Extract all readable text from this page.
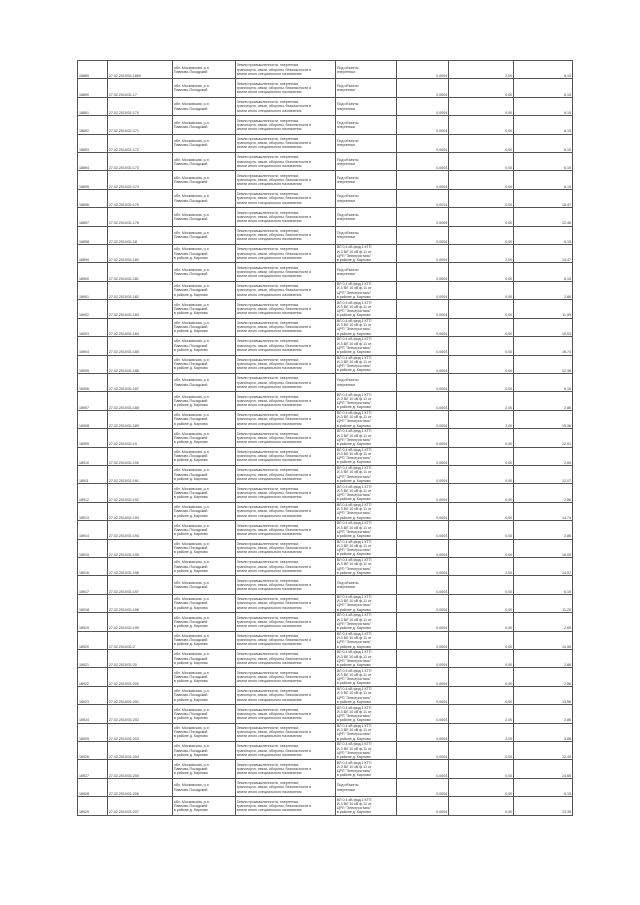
18889	27.02.2010/31:1869	обл. Московская, р-н
Павлово-Посадский	Земли промышленности, энергетики,
транспорта, связи, обороны, безопасности и
земли иного специального назначения	Под объекты
энергетики	0,0004	2,00	6,15
18890	27.02.2010/31:17	обл. Московская, р-н
Павлово-Посадский	Земли промышленности, энергетики,
транспорта, связи, обороны, безопасности и
земли иного специального назначения	Под объекты
энергетики	0,0004	0,00	6,15
18891	27.02.2010/31:170	обл. Московская, р-н
Павлово-Посадский	Земли промышленности, энергетики,
транспорта, связи, обороны, безопасности и
земли иного специального назначения	Под объекты
энергетики	0,0004	0,00	6,15
18892	27.02.2010/31:171	обл. Московская, р-н
Павлово-Посадский	Земли промышленности, энергетики,
транспорта, связи, обороны, безопасности и
земли иного специального назначения	Под объекты
энергетики	0,0004	0,00	6,15
18893	27.02.2010/31:172	обл. Московская, р-н
Павлово-Посадский	Земли промышленности, энергетики,
транспорта, связи, обороны, безопасности и
земли иного специального назначения	Под объекты
энергетики	0,0004	0,00	6,15
18894	27.02.2010/31:173	обл. Московская, р-н
Павлово-Посадский	Земли промышленности, энергетики,
транспорта, связи, обороны, безопасности и
земли иного специального назначения	Под объекты
энергетики	0,0004	0,00	6,15
18895	27.02.2010/31:174	обл. Московская, р-н
Павлово-Посадский	Земли промышленности, энергетики,
транспорта, связи, обороны, безопасности и
земли иного специального назначения	Под объекты
энергетики	0,0004	0,00	6,15
18896	27.02.2010/31:175	обл. Московская, р-н
Павлово-Посадский	Земли промышленности, энергетики,
транспорта, связи, обороны, безопасности и
земли иного специального назначения	Под объекты
энергетики	0,0014	0,00	18,47
18897	27.02.2010/31:176	обл. Московская, р-н
Павлово-Посадский	Земли промышленности, энергетики,
транспорта, связи, обороны, безопасности и
земли иного специального назначения	Под объекты
энергетики	0,0009	0,00	12,46
18898	27.02.2010/31:18	обл. Московская, р-н
Павлово-Посадский	Земли промышленности, энергетики,
транспорта, связи, обороны, безопасности и
земли иного специального назначения	Под объекты
энергетики	0,0004	0,00	6,15
18899	27.02.2010/31:180	обл. Московская, р-н
Павлово-Посадский
в районе д. Карпово	Земли промышленности, энергетики,
транспорта, связи, обороны, безопасности и
земли иного специального назначения	ВЛ 0,4 кВ фид.1 КТП
И-3 ВЛ 10 кВ ф.11 от
ЦРП "Электросталь"
в районе д. Карпово	0,0004	2,00	14,47
18900	27.02.2010/31:181	обл. Московская, р-н
Павлово-Посадский	Земли промышленности, энергетики,
транспорта, связи, обороны, безопасности и
земли иного специального назначения	Под объекты
энергетики	0,0004	0,00	6,15
18901	27.02.2010/31:182	обл. Московская, р-н
Павлово-Посадский
в районе д. Карпово	Земли промышленности, энергетики,
транспорта, связи, обороны, безопасности и
земли иного специального назначения	ВЛ 0,4 кВ фид.1 КТП
И-3 ВЛ 10 кВ ф.11 от
ЦРП "Электросталь"
в районе д. Карпово	0,0004	0,00	2,86
18902	27.02.2010/31:183	обл. Московская, р-н
Павлово-Посадский
в районе д. Карпово	Земли промышленности, энергетики,
транспорта, связи, обороны, безопасности и
земли иного специального назначения	ВЛ 0,4 кВ фид.1 КТП
И-3 ВЛ 10 кВ ф.11 от
ЦРП "Электросталь"
в районе д. Карпово	0,0004	0,00	11,59
18903	27.02.2010/31:184	обл. Московская, р-н
Павлово-Посадский
в районе д. Карпово	Земли промышленности, энергетики,
транспорта, связи, обороны, безопасности и
земли иного специального назначения	ВЛ 0,4 кВ фид.1 КТП
И-3 ВЛ 10 кВ ф.11 от
ЦРП "Электросталь"
в районе д. Карпово	0,0004	0,00	10,03
18904	27.02.2010/31:185	обл. Московская, р-н
Павлово-Посадский
в районе д. Карпово	Земли промышленности, энергетики,
транспорта, связи, обороны, безопасности и
земли иного специального назначения	ВЛ 0,4 кВ фид.1 КТП
И-3 ВЛ 10 кВ ф.11 от
ЦРП "Электросталь"
в районе д. Карпово	0,0004	0,00	16,74
18905	27.02.2010/31:186	обл. Московская, р-н
Павлово-Посадский
в районе д. Карпово	Земли промышленности, энергетики,
транспорта, связи, обороны, безопасности и
земли иного специального назначения	ВЛ 0,4 кВ фид.1 КТП
И-3 ВЛ 10 кВ ф.11 от
ЦРП "Электросталь"
в районе д. Карпово	0,0004	0,00	12,36
18906	27.02.2010/31:187	обл. Московская, р-н
Павлово-Посадский	Земли промышленности, энергетики,
транспорта, связи, обороны, безопасности и
земли иного специального назначения	Под объекты
энергетики	0,0004	0,00	6,15
18907	27.02.2010/31:188	обл. Московская, р-н
Павлово-Посадский
в районе д. Карпово	Земли промышленности, энергетики,
транспорта, связи, обороны, безопасности и
земли иного специального назначения	ВЛ 0,4 кВ фид.1 КТП
И-3 ВЛ 10 кВ ф.11 от
ЦРП "Электросталь"
в районе д. Карпово	0,0004	2,00	2,86
18908	27.02.2010/31:189	обл. Московская, р-н
Павлово-Посадский
в районе д. Карпово	Земли промышленности, энергетики,
транспорта, связи, обороны, безопасности и
земли иного специального назначения	ВЛ 0,4 кВ фид.1 КТП
И-3 ВЛ 10 кВ ф.11 от
ЦРП "Электросталь"
в районе д. Карпово	0,0004	2,00	15,36
18909	27.02.2010/31:19	обл. Московская, р-н
Павлово-Посадский
в районе д. Карпово	Земли промышленности, энергетики,
транспорта, связи, обороны, безопасности и
земли иного специального назначения	ВЛ 0,4 кВ фид.1 КТП
И-3 ВЛ 10 кВ ф.11 от
ЦРП "Электросталь"
в районе д. Карпово	0,0004	0,00	12,01
18910	27.02.2010/31:190	обл. Московская, р-н
Павлово-Посадский
в районе д. Карпово	Земли промышленности, энергетики,
транспорта, связи, обороны, безопасности и
земли иного специального назначения	ВЛ 0,4 кВ фид.1 КТП
И-3 ВЛ 10 кВ ф.11 от
ЦРП "Электросталь"
в районе д. Карпово	0,0004	0,00	2,69
18911	27.02.2010/31:191	обл. Московская, р-н
Павлово-Посадский
в районе д. Карпово	Земли промышленности, энергетики,
транспорта, связи, обороны, безопасности и
земли иного специального назначения	ВЛ 0,4 кВ фид.1 КТП
И-3 ВЛ 10 кВ ф.11 от
ЦРП "Электросталь"
в районе д. Карпово	0,0004	0,00	12,07
18912	27.02.2010/31:192	обл. Московская, р-н
Павлово-Посадский
в районе д. Карпово	Земли промышленности, энергетики,
транспорта, связи, обороны, безопасности и
земли иного специального назначения	ВЛ 0,4 кВ фид.1 КТП
И-3 ВЛ 10 кВ ф.11 от
ЦРП "Электросталь"
в районе д. Карпово	0,0004	0,00	2,86
18913	27.02.2010/31:193	обл. Московская, р-н
Павлово-Посадский
в районе д. Карпово	Земли промышленности, энергетики,
транспорта, связи, обороны, безопасности и
земли иного специального назначения	ВЛ 0,4 кВ фид.1 КТП
И-3 ВЛ 10 кВ ф.11 от
ЦРП "Электросталь"
в районе д. Карпово	0,0004	0,00	14,74
18914	27.02.2010/31:194	обл. Московская, р-н
Павлово-Посадский
в районе д. Карпово	Земли промышленности, энергетики,
транспорта, связи, обороны, безопасности и
земли иного специального назначения	ВЛ 0,4 кВ фид.1 КТП
И-3 ВЛ 10 кВ ф.11 от
ЦРП "Электросталь"
в районе д. Карпово	0,0004	0,00	2,86
18915	27.02.2010/31:195	обл. Московская, р-н
Павлово-Посадский
в районе д. Карпово	Земли промышленности, энергетики,
транспорта, связи, обороны, безопасности и
земли иного специального назначения	ВЛ 0,4 кВ фид.1 КТП
И-3 ВЛ 10 кВ ф.11 от
ЦРП "Электросталь"
в районе д. Карпово	0,0004	0,00	16,00
18916	27.02.2010/31:196	обл. Московская, р-н
Павлово-Посадский
в районе д. Карпово	Земли промышленности, энергетики,
транспорта, связи, обороны, безопасности и
земли иного специального назначения	ВЛ 0,4 кВ фид.1 КТП
И-3 ВЛ 10 кВ ф.11 от
ЦРП "Электросталь"
в районе д. Карпово	0,0004	2,00	14,07
18917	27.02.2010/31:197	обл. Московская, р-н
Павлово-Посадский	Земли промышленности, энергетики,
транспорта, связи, обороны, безопасности и
земли иного специального назначения	Под объекты
энергетики	0,0004	0,00	6,15
18918	27.02.2010/31:198	обл. Московская, р-н
Павлово-Посадский
в районе д. Карпово	Земли промышленности, энергетики,
транспорта, связи, обороны, безопасности и
земли иного специального назначения	ВЛ 0,4 кВ фид.1 КТП
И-3 ВЛ 10 кВ ф.11 от
ЦРП "Электросталь"
в районе д. Карпово	0,0004	0,00	11,20
18919	27.02.2010/31:199	обл. Московская, р-н
Павлово-Посадский
в районе д. Карпово	Земли промышленности, энергетики,
транспорта, связи, обороны, безопасности и
земли иного специального назначения	ВЛ 0,4 кВ фид.1 КТП
И-3 ВЛ 10 кВ ф.11 от
ЦРП "Электросталь"
в районе д. Карпово	0,0004	0,00	2,69
18920	27.02.2010/31:2	обл. Московская, р-н
Павлово-Посадский
в районе д. Карпово	Земли промышленности, энергетики,
транспорта, связи, обороны, безопасности и
земли иного специального назначения	ВЛ 0,4 кВ фид.1 КТП
И-3 ВЛ 10 кВ ф.11 от
ЦРП "Электросталь"
в районе д. Карпово	0,0004	0,00	14,55
18921	27.02.2010/31:20	обл. Московская, р-н
Павлово-Посадский
в районе д. Карпово	Земли промышленности, энергетики,
транспорта, связи, обороны, безопасности и
земли иного специального назначения	ВЛ 0,4 кВ фид.1 КТП
И-3 ВЛ 10 кВ ф.11 от
ЦРП "Электросталь"
в районе д. Карпово	0,0004	0,00	2,86
18922	27.02.2010/31:200	обл. Московская, р-н
Павлово-Посадский
в районе д. Карпово	Земли промышленности, энергетики,
транспорта, связи, обороны, безопасности и
земли иного специального назначения	ВЛ 0,4 кВ фид.1 КТП
И-3 ВЛ 10 кВ ф.11 от
ЦРП "Электросталь"
в районе д. Карпово	0,0004	0,00	2,86
18923	27.02.2010/31:201	обл. Московская, р-н
Павлово-Посадский
в районе д. Карпово	Земли промышленности, энергетики,
транспорта, связи, обороны, безопасности и
земли иного специального назначения	ВЛ 0,4 кВ фид.1 КТП
И-3 ВЛ 10 кВ ф.11 от
ЦРП "Электросталь"
в районе д. Карпово	0,0004	0,00	13,58
18924	27.02.2010/31:202	обл. Московская, р-н
Павлово-Посадский
в районе д. Карпово	Земли промышленности, энергетики,
транспорта, связи, обороны, безопасности и
земли иного специального назначения	ВЛ 0,4 кВ фид.1 КТП
И-3 ВЛ 10 кВ ф.11 от
ЦРП "Электросталь"
в районе д. Карпово	0,0004	2,00	2,86
18925	27.02.2010/31:203	обл. Московская, р-н
Павлово-Посадский
в районе д. Карпово	Земли промышленности, энергетики,
транспорта, связи, обороны, безопасности и
земли иного специального назначения	ВЛ 0,4 кВ фид.1 КТП
И-3 ВЛ 10 кВ ф.11 от
ЦРП "Электросталь"
в районе д. Карпово	0,0004	2,00	3,86
18926	27.02.2010/31:204	обл. Московская, р-н
Павлово-Посадский
в районе д. Карпово	Земли промышленности, энергетики,
транспорта, связи, обороны, безопасности и
земли иного специального назначения	ВЛ 0,4 кВ фид.1 КТП
И-3 ВЛ 10 кВ ф.11 от
ЦРП "Электросталь"
в районе д. Карпово	0,0004	0,00	12,49
18927	27.02.2010/31:205	обл. Московская, р-н
Павлово-Посадский
в районе д. Карпово	Земли промышленности, энергетики,
транспорта, связи, обороны, безопасности и
земли иного специального назначения	ВЛ 0,4 кВ фид.1 КТП
И-3 ВЛ 10 кВ ф.11 от
ЦРП "Электросталь"
в районе д. Карпово	0,0004	0,00	14,65
18928	27.02.2010/31:206	обл. Московская, р-н
Павлово-Посадский	Земли промышленности, энергетики,
транспорта, связи, обороны, безопасности и
земли иного специального назначения	Под объекты
энергетики	0,0004	0,00	6,15
18929	27.02.2010/31:207	обл. Московская, р-н
Павлово-Посадский
в районе д. Карпово	Земли промышленности, энергетики,
транспорта, связи, обороны, безопасности и
земли иного специального назначения	ВЛ 0,4 кВ фид.1 КТП
И-3 ВЛ 10 кВ ф.11 от
ЦРП "Электросталь"
в районе д. Карпово	0,0004	0,00	13,39
